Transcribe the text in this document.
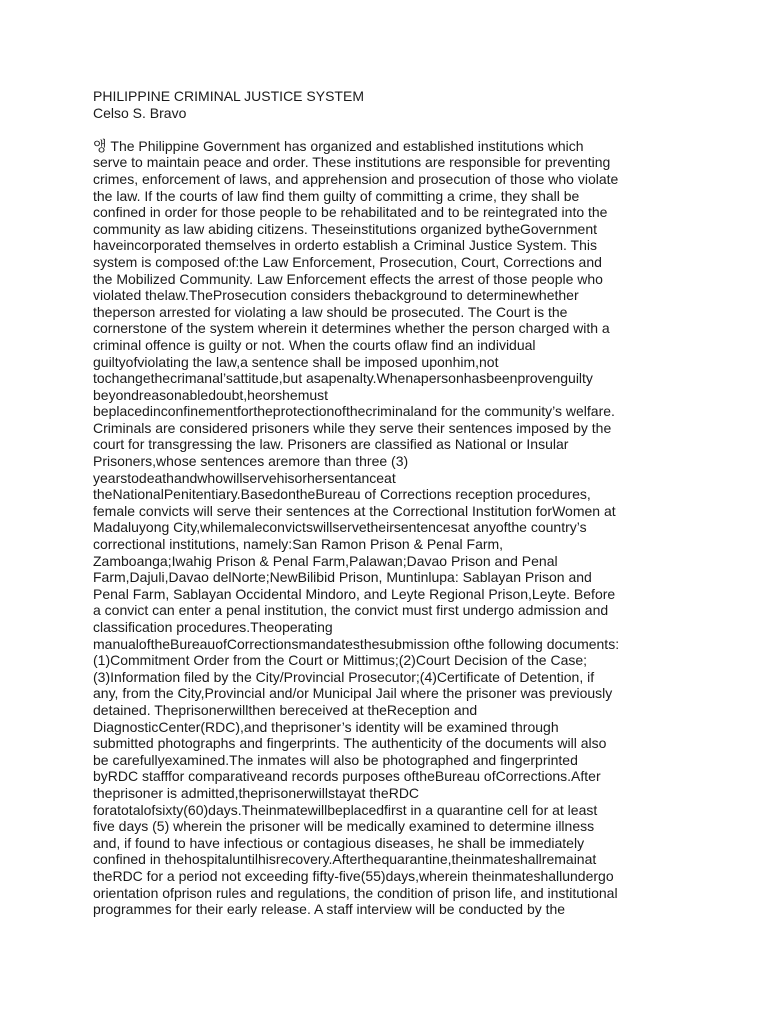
PHILIPPINE CRIMINAL JUSTICE SYSTEM
Celso S. Bravo
앵 The Philippine Government has organized and established institutions which
serve to maintain peace and order. These institutions are responsible for preventing
crimes, enforcement of laws, and apprehension and prosecution of those who violate
the law. If the courts of law find them guilty of committing a crime, they shall be
confined in order for those people to be rehabilitated and to be reintegrated into the
community as law abiding citizens. Theseinstitutions organized bytheGovernment
haveincorporated themselves in orderto establish a Criminal Justice System. This
system is composed of:the Law Enforcement, Prosecution, Court, Corrections and
the Mobilized Community. Law Enforcement effects the arrest of those people who
violated thelaw.TheProsecution considers thebackground to determinewhether
theperson arrested for violating a law should be prosecuted. The Court is the
cornerstone of the system wherein it determines whether the person charged with a
criminal offence is guilty or not. When the courts oflaw find an individual
guiltyofviolating the law,a sentence shall be imposed uponhim,not
tochangethecrimanal’sattitude,but asapenalty.Whenapersonhasbeenprovenguilty
beyondreasonabledoubt,heorshemust
beplacedinconfinementfortheprotectionofthecriminaland for the community’s welfare.
Criminals are considered prisoners while they serve their sentences imposed by the
court for transgressing the law. Prisoners are classified as National or Insular
Prisoners,whose sentences aremore than three (3)
yearstodeathandwhowillservehisorhersentanceat
theNationalPenitentiary.BasedontheBureau of Corrections reception procedures,
female convicts will serve their sentences at the Correctional Institution forWomen at
Madaluyong City,whilemaleconvictswillservetheirsentencesat anyofthe country’s
correctional institutions, namely:San Ramon Prison & Penal Farm,
Zamboanga;Iwahig Prison & Penal Farm,Palawan;Davao Prison and Penal
Farm,Dajuli,Davao delNorte;NewBilibid Prison, Muntinlupa: Sablayan Prison and
Penal Farm, Sablayan Occidental Mindoro, and Leyte Regional Prison,Leyte. Before
a convict can enter a penal institution, the convict must first undergo admission and
classification procedures.Theoperating
manualoftheBureauofCorrectionsmandatesthesubmission ofthe following documents:
(1)Commitment Order from the Court or Mittimus;(2)Court Decision of the Case;
(3)Information filed by the City/Provincial Prosecutor;(4)Certificate of Detention, if
any, from the City,Provincial and/or Municipal Jail where the prisoner was previously
detained. Theprisonerwillthen bereceived at theReception and
DiagnosticCenter(RDC),and theprisoner’s identity will be examined through
submitted photographs and fingerprints. The authenticity of the documents will also
be carefullyexamined.The inmates will also be photographed and fingerprinted
byRDC stafffor comparativeand records purposes oftheBureau ofCorrections.After
theprisoner is admitted,theprisonerwillstayat theRDC
foratotalofsixty(60)days.Theinmatewillbeplacedfirst in a quarantine cell for at least
five days (5) wherein the prisoner will be medically examined to determine illness
and, if found to have infectious or contagious diseases, he shall be immediately
confined in thehospitaluntilhisrecovery.Afterthequarantine,theinmateshallremainat
theRDC for a period not exceeding fifty-five(55)days,wherein theinmateshallundergo
orientation ofprison rules and regulations, the condition of prison life, and institutional
programmes for their early release. A staff interview will be conducted by the
